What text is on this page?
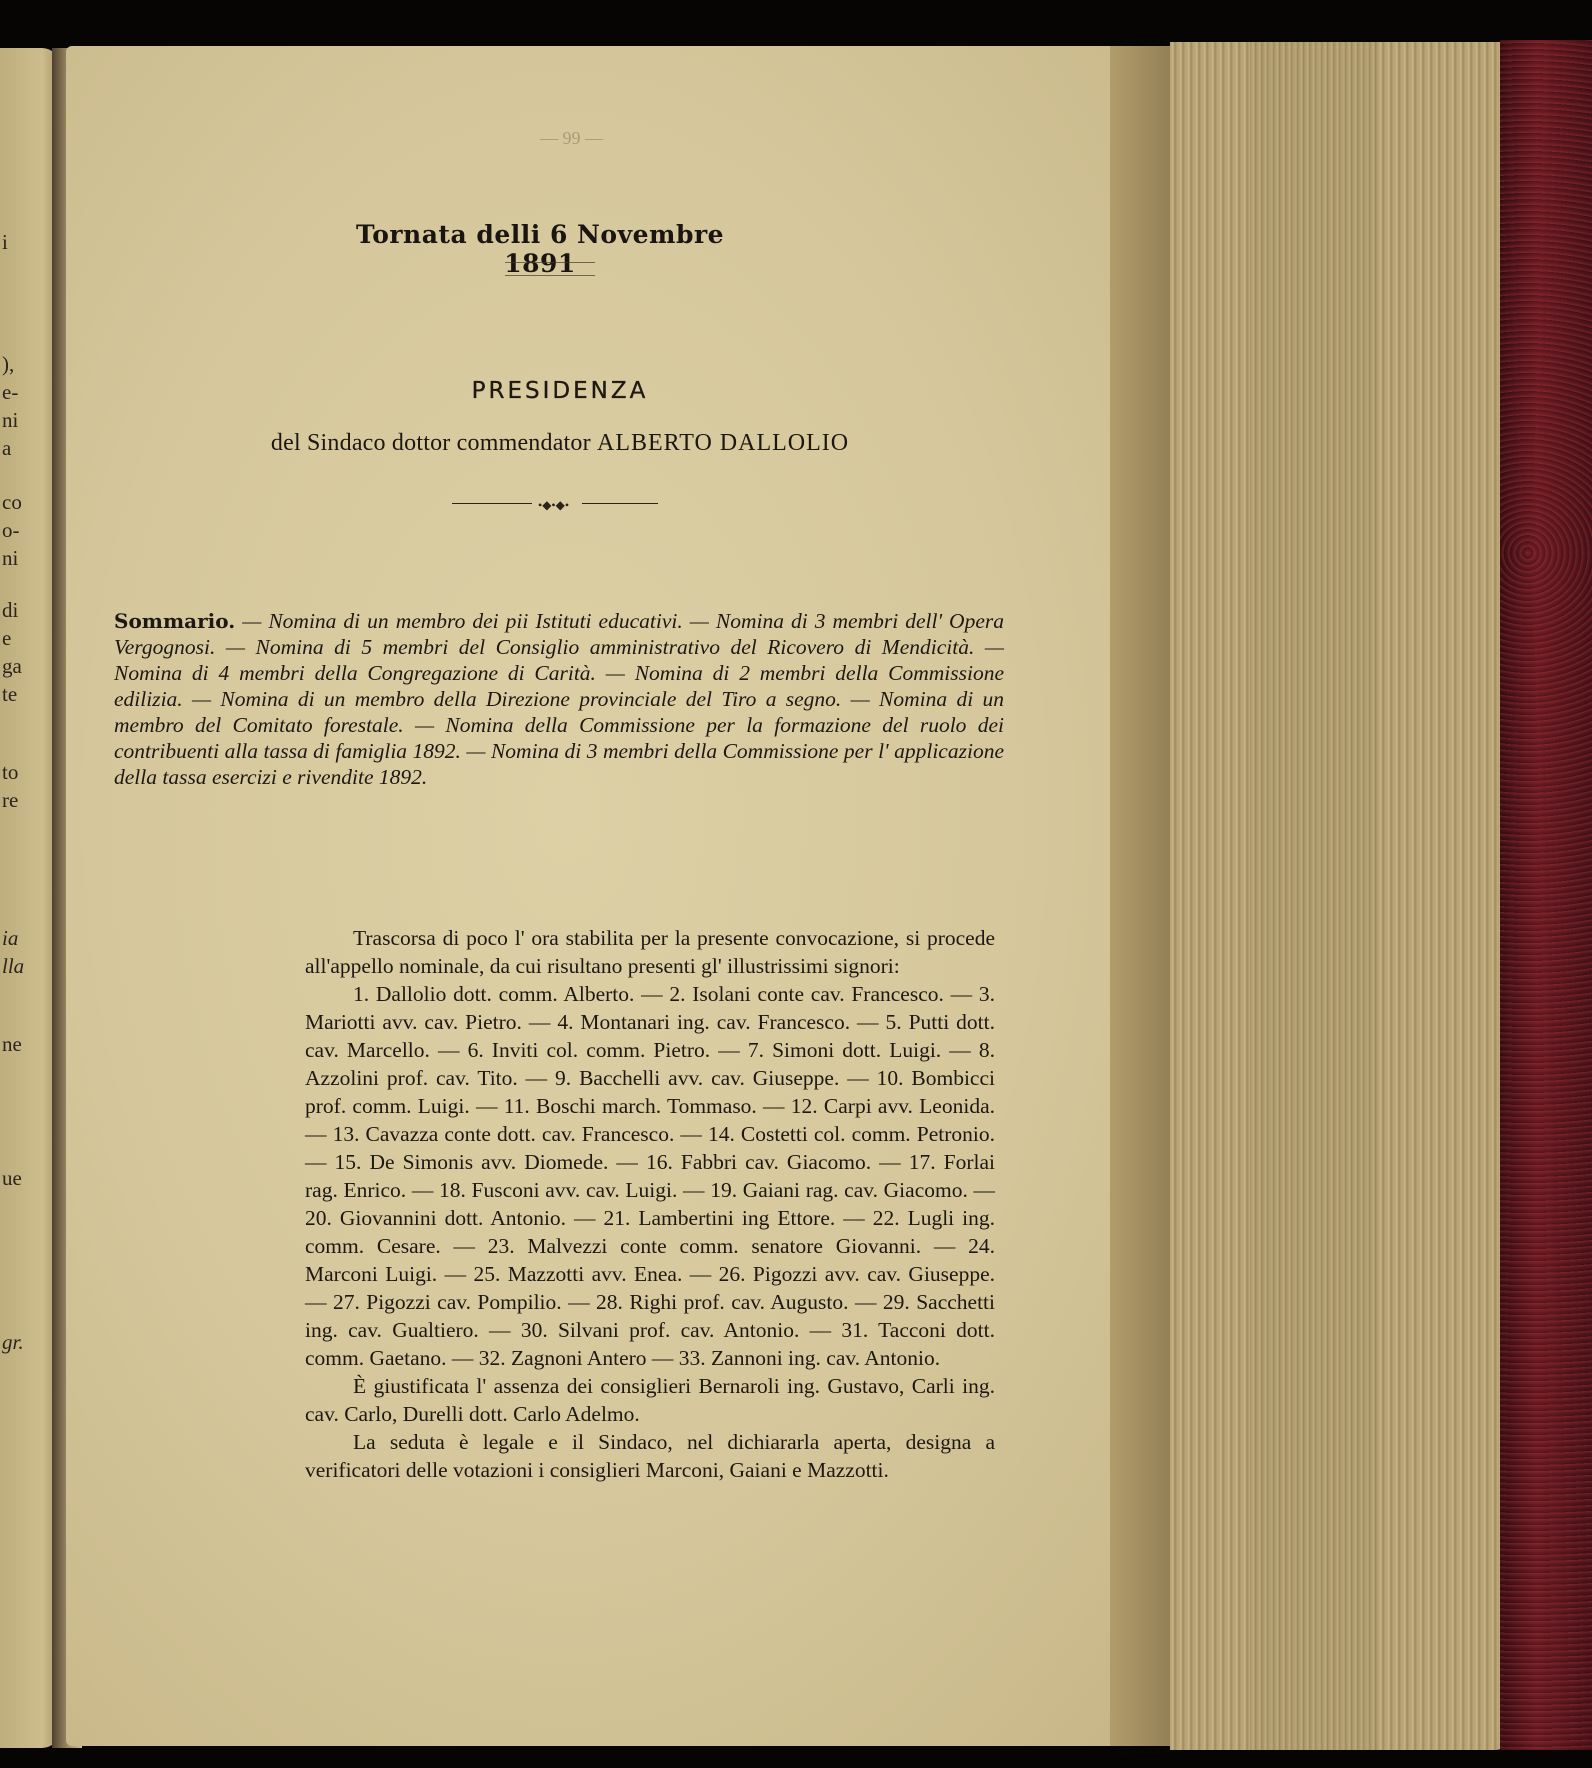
i
),
e-
ni
a
co
o-
ni
di
e
ga
te
to
re
ia
lla
ne
ue
gr.
— 99 —
Tornata delli 6 Novembre 1891
PRESIDENZA
del Sindaco dottor commendator ALBERTO DALLOLIO
•◆•◆•
Sommario. — Nomina di un membro dei pii Istituti educativi. — Nomina di 3 membri dell' Opera Vergognosi. — Nomina di 5 membri del Consiglio amministrativo del Ricovero di Mendicità. — Nomina di 4 membri della Congregazione di Carità. — Nomina di 2 membri della Commissione edilizia. — Nomina di un membro della Direzione provinciale del Tiro a segno. — Nomina di un membro del Comitato forestale. — Nomina della Commissione per la formazione del ruolo dei contribuenti alla tassa di famiglia 1892. — Nomina di 3 membri della Commissione per l' applicazione della tassa esercizi e rivendite 1892.

Trascorsa di poco l' ora stabilita per la presente convocazione, si procede all'appello nominale, da cui risultano presenti gl' illustrissimi signori:

1. Dallolio dott. comm. Alberto. — 2. Isolani conte cav. Francesco. — 3. Mariotti avv. cav. Pietro. — 4. Montanari ing. cav. Francesco. — 5. Putti dott. cav. Marcello. — 6. Inviti col. comm. Pietro. — 7. Simoni dott. Luigi. — 8. Azzolini prof. cav. Tito. — 9. Bacchelli avv. cav. Giuseppe. — 10. Bombicci prof. comm. Luigi. — 11. Boschi march. Tommaso. — 12. Carpi avv. Leonida. — 13. Cavazza conte dott. cav. Francesco. — 14. Costetti col. comm. Petronio. — 15. De Simonis avv. Diomede. — 16. Fabbri cav. Giacomo. — 17. Forlai rag. Enrico. — 18. Fusconi avv. cav. Luigi. — 19. Gaiani rag. cav. Giacomo. — 20. Giovannini dott. Antonio. — 21. Lambertini ing Ettore. — 22. Lugli ing. comm. Cesare. — 23. Malvezzi conte comm. senatore Giovanni. — 24. Marconi Luigi. — 25. Mazzotti avv. Enea. — 26. Pigozzi avv. cav. Giuseppe. — 27. Pigozzi cav. Pompilio. — 28. Righi prof. cav. Augusto. — 29. Sacchetti ing. cav. Gualtiero. — 30. Silvani prof. cav. Antonio. — 31. Tacconi dott. comm. Gaetano. — 32. Zagnoni Antero — 33. Zannoni ing. cav. Antonio.

È giustificata l' assenza dei consiglieri Bernaroli ing. Gustavo, Carli ing. cav. Carlo, Durelli dott. Carlo Adelmo.

La seduta è legale e il Sindaco, nel dichiararla aperta, designa a verificatori delle votazioni i consiglieri Marconi, Gaiani e Mazzotti.
